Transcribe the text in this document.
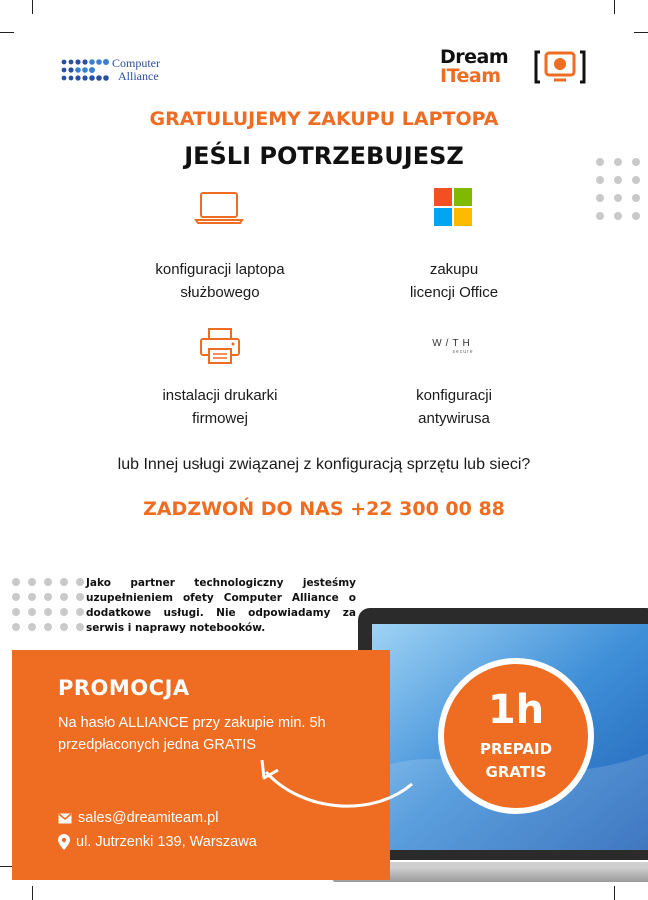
Computer
Alliance
Dream
ITeam
GRATULUJEMY ZAKUPU LAPTOPA
JEŚLI POTRZEBUJESZ
konfiguracji laptopa
służbowego
zakupu
licencji Office
instalacji drukarki
firmowej
W/TH
secure
konfiguracji
antywirusa
lub Innej usługi związanej z konfiguracją sprzętu lub sieci?
ZADZWOŃ DO NAS +22 300 00 88
Jako partner technologiczny jesteśmy uzupełnieniem ofety Computer Alliance o dodatkowe usługi. Nie odpowiadamy za serwis i naprawy notebooków.
PROMOCJA
Na hasło ALLIANCE przy zakupie min. 5h przedpłaconych jedna GRATIS
sales@dreamiteam.pl
ul. Jutrzenki 139, Warszawa
1h
PREPAID
GRATIS
